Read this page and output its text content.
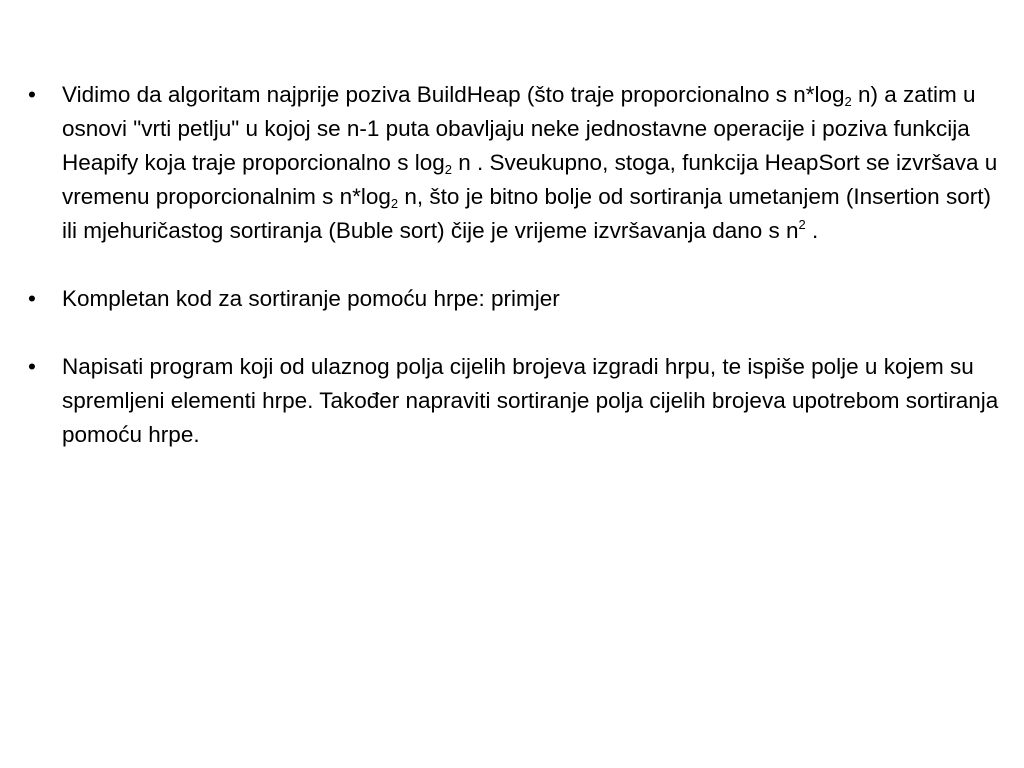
• Vidimo da algoritam najprije poziva BuildHeap (što traje proporcionalno s $n*\log_2$ n) a zatim u osnovi "vrti petlju" u kojoj se n-1 puta obavljaju neke jednostavne operacije i poziva funkcija Heapify koja traje proporcionalno s $\log_2 n$ . Sveukupno, stoga, funkcija HeapSort se izvršava u vremenu proporcionalnim s $n*\log_2$ n, što je bitno bolje od sortiranja umetanjem (Insertion sort) ili mjehuričastog sortiranja (Buble sort) čije je vrijeme izvršavanja dano s $n^2$ .
• Kompletan kod za sortiranje pomoću hrpe: primjer
• Napisati program koji od ulaznog polja cijelih brojeva izgradi hrpu, te ispiše polje u kojem su spremljeni elementi hrpe. Također napraviti sortiranje polja cijelih brojeva upotrebom sortiranja pomoću hrpe.
